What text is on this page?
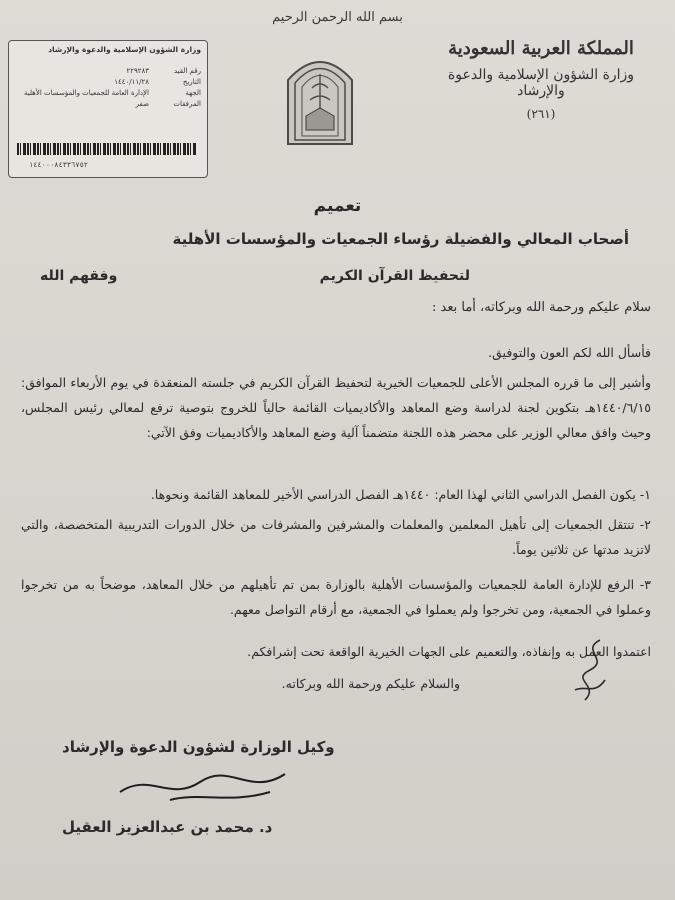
بسم الله الرحمن الرحيم
المملكة العربية السعودية
وزارة الشؤون الإسلامية والدعوة والإرشاد
(٢٦١)
وزارة الشؤون الإسلامية والدعوة والإرشاد
رقم القيد٢٢٩٢٨٣
التاريخ١٤٤٠/١١/٢٨
الجهةالإدارة العامة للجمعيات والمؤسسات الأهلية
المرفقاتصفر
١٤٤٠٠٠٨٤٣٣٦٧٥٢
تعميم
أصحاب المعالي والفضيلة رؤساء الجمعيات والمؤسسات الأهلية
لتحفيظ القرآن الكريم
وفقهم الله
سلام عليكم ورحمة الله وبركاته، أما بعد :
فأسأل الله لكم العون والتوفيق.
وأشير إلى ما قرره المجلس الأعلى للجمعيات الخيرية لتحفيظ القرآن الكريم في جلسته المنعقدة في يوم الأربعاء الموافق: ١٤٤٠/٦/١٥هـ بتكوين لجنة لدراسة وضع المعاهد والأكاديميات القائمة حالياً للخروج بتوصية ترفع لمعالي رئيس المجلس، وحيث وافق معالي الوزير على محضر هذه اللجنة متضمناً آلية وضع المعاهد والأكاديميات وفق الآتي:
١- يكون الفصل الدراسي الثاني لهذا العام: ١٤٤٠هـ الفصل الدراسي الأخير للمعاهد القائمة ونحوها.
٢- تنتقل الجمعيات إلى تأهيل المعلمين والمعلمات والمشرفين والمشرفات من خلال الدورات التدريبية المتخصصة، والتي لاتزيد مدتها عن ثلاثين يوماً.
٣- الرفع للإدارة العامة للجمعيات والمؤسسات الأهلية بالوزارة بمن تم تأهيلهم من خلال المعاهد، موضحاً به من تخرجوا وعملوا في الجمعية، ومن تخرجوا ولم يعملوا في الجمعية، مع أرقام التواصل معهم.
اعتمدوا العمل به وإنفاذه، والتعميم على الجهات الخيرية الواقعة تحت إشرافكم.
والسلام عليكم ورحمة الله وبركاته.
وكيل الوزارة لشؤون الدعوة والإرشاد
د. محمد بن عبدالعزيز العقيل
